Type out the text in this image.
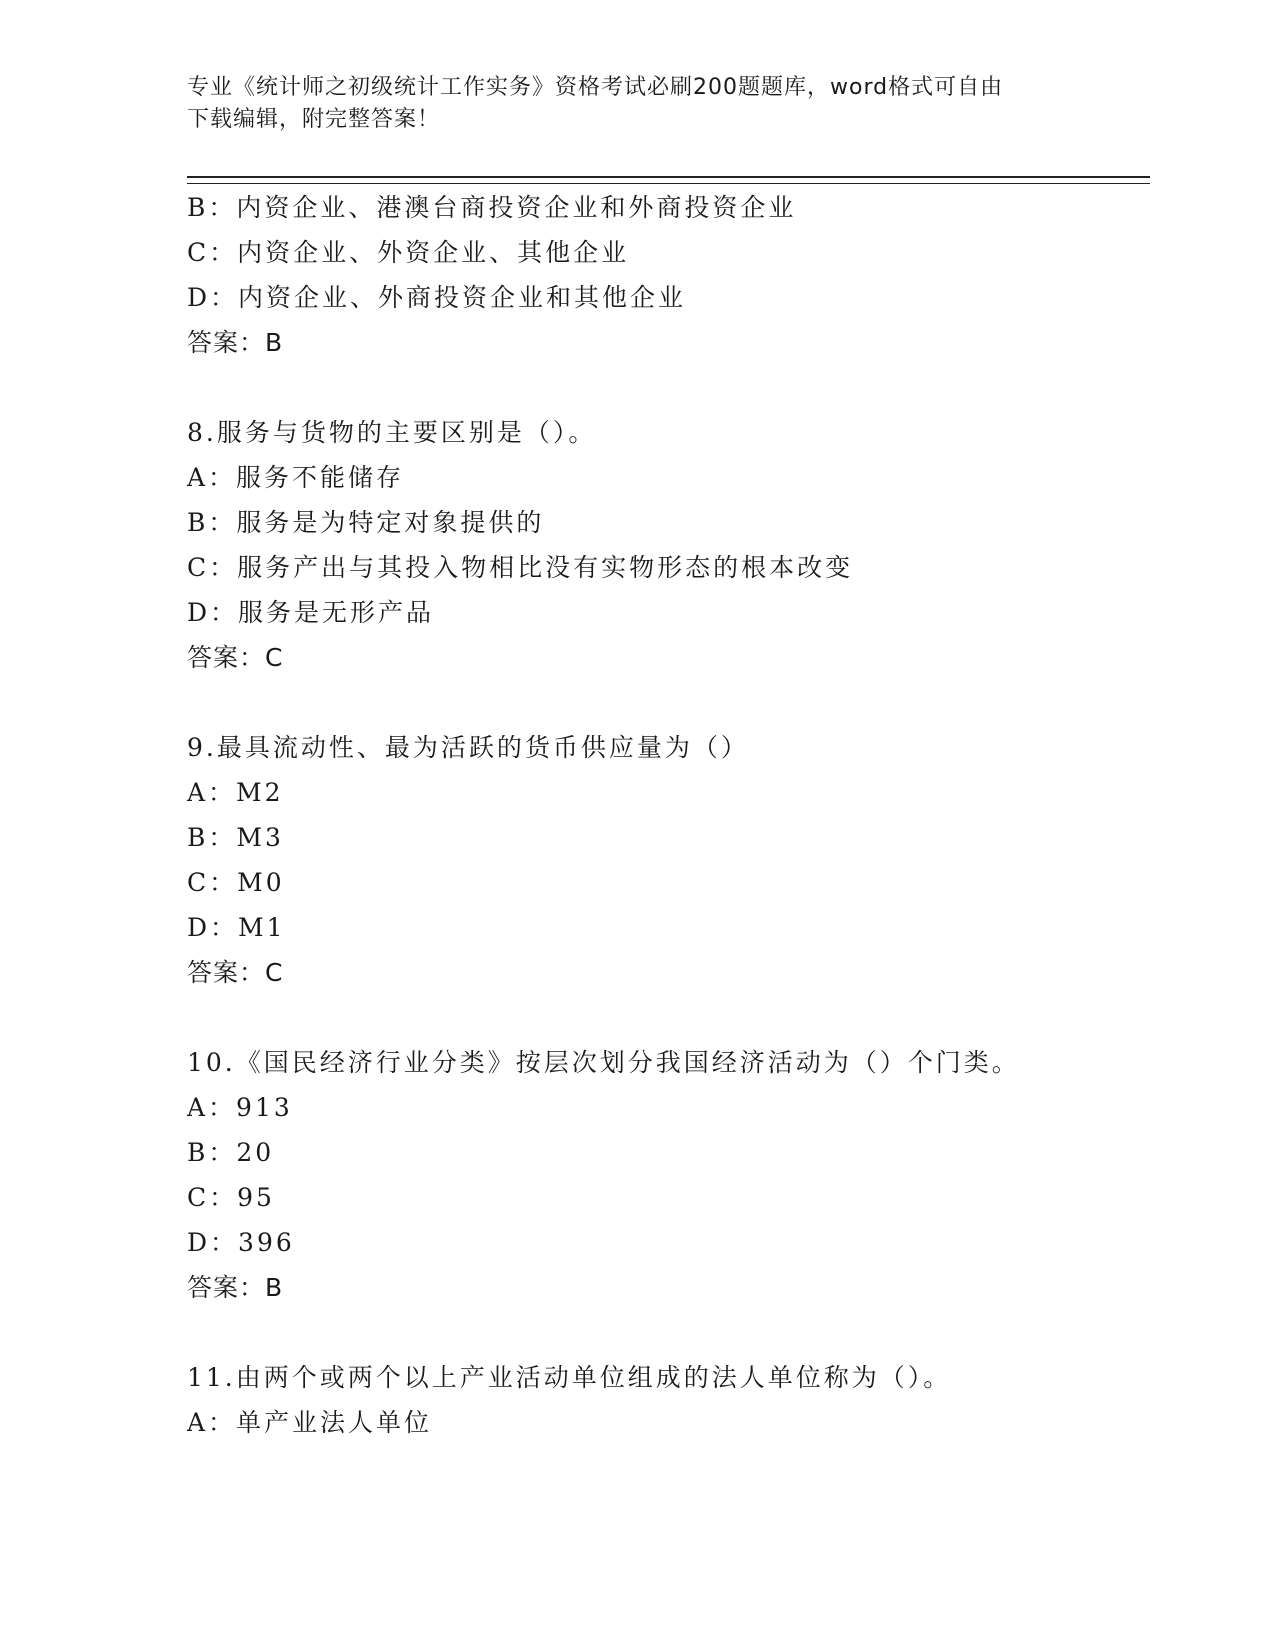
专业《统计师之初级统计工作实务》资格考试必刷200题题库，word格式可自由
下载编辑，附完整答案！
B：内资企业、港澳台商投资企业和外商投资企业
C：内资企业、外资企业、其他企业
D：内资企业、外商投资企业和其他企业
答案：B
8.服务与货物的主要区别是（）。
A：服务不能储存
B：服务是为特定对象提供的
C：服务产出与其投入物相比没有实物形态的根本改变
D：服务是无形产品
答案：C
9.最具流动性、最为活跃的货币供应量为（）
A：M2
B：M3
C：M0
D：M1
答案：C
10.《国民经济行业分类》按层次划分我国经济活动为（）个门类。
A：913
B：20
C：95
D：396
答案：B
11.由两个或两个以上产业活动单位组成的法人单位称为（）。
A：单产业法人单位
